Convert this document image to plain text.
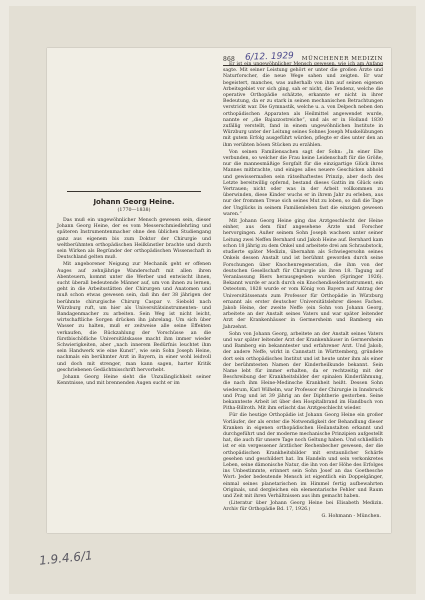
868 6/12. 1929 MÜNCHENER MEDIZIN
Johann Georg Heine.
(1770—1838)

Das muß ein ungewöhnlicher Mensch gewesen sein, dieser Johann Georg Heine, der es vom Messerschmiedlehrling und späteren Instrumentenmacher ohne den üblichen Studiengang ganz aus eigenem bis zum Doktor der Chirurgie und weltberühmten orthopädischen Heilkünstler brachte und durch sein Wirken als Begründer der orthopädischen Wissenschaft in Deutschland gelten muß.

Mit angeborener Neigung zur Mechanik geht er offenen Auges auf zehnjährige Wanderschaft mit allen ihren Abenteuern, kommt unter die Werber und entwischt ihnen, sucht überall bedeutende Männer auf, um von ihnen zu lernen, geht in die Arbeitsstätten der Chirurgen und Anatomen und muß schon etwas gewesen sein, daß ihn der 38 jährigen der berühmte chirurgische Chirurg Caspar v. Siebold nach Würzburg ruft, um hier als Universitätsinstrumenten- und Bandagenmacher zu arbeiten. Sein Weg ist nicht leicht, wirtschaftliche Sorgen drücken ihn jahrelang. Um sich über Wasser zu halten, muß er zeitweise alle seine Effekten verkaufen, die Rückzahlung der Vorschüsse an die fürstbischöfliche Universitätskasse macht ihm immer wieder Schwierigkeiten, aber „nach innerem Bedürfnis leuchtet ihm sein Handwerk wie eine Kunst“, wie sein Sohn Joseph Heine, nachmals ein berühmter Arzt in Bayern, in einer wohl leidvoll und doch mit strenger, man kann sagen, harter Kritik geschriebenen Gedächtnisschrift hervorhebt.

Johann Georg Heine sieht die Unzulänglichkeit seiner Kenntnisse, und mit brennenden Augen sucht er im

Er ist ein ungewöhnlicher Mensch gewesen, wie ich am Anfang sagte. Mit seiner Leistung gehört er unter die großen Ärzte und Naturforscher, die neue Wege sahen und zeigten. Er war begeistert, manches, was außerhalb von ihm auf seinen eigenen Arbeitsgebiet vor sich ging, sah er nicht, die Tendenz, welche die operative Orthopädie schätzte, erkannte er nicht in ihrer Bedeutung, da er zu stark in seinen mechanischen Betrachtungen verstrickt war. Die Gymnastik, welche u. a. von Delpech neben den orthopädischen Apparaten als Heilmittel angewendet wurde, nannte er „die Bajazzostreiche“, und als er in Holland 1830 zufällig verstellt, fand in einem ungewöhnlichen Institute in Würzburg unter der Leitung seines Sohnes Joseph Muskelübungen mit gutem Erfolg ausgeführt würden, pflegte er dies unter den an ihm verübten bösen Stücken zu erzählen.

Von seinen Familiensachen sagt der Sohn: „In einer Ehe verbunden, so welcher die Frau keine Leidenschaft für die Größe, nur die mannesmäßige Sorgfalt für die einzigartige Glück ihres Mannes mitbrachte, und einiges alles neuere Geschicken abhold und gewissermaßen sein rätselhaftestes Prinzip, aber doch des Letzte bereitwillig opfernd, bestand dieses Gattin im Glück sein Vertrauen; nicht oder was in der Arbeit vollkommen zu überwinden, diese Kinder wuchs er in ihrem Jahr zu erleben, aus nur der frommen Treue sich seines Mut zu loben, so daß die Tage der Unglücks in seinem Familienleben fast die einzigen gewesen waren.“

Mit Johann Georg Heine ging das Arztgeschlecht der Heine einher, aus dem fünf angesehene Ärzte und Forscher hervorgingen. Außer seinem Sohn Joseph wachsen unter seiner Leitung zwei Neffen Bernhard und Jakob Heine auf. Bernhard kam schon 18 jährig zu dem Onkel und arbeitete drei am Schraubstock, studierte später Medizin, übernahm als Schwiegersohn seines Onkels dessen Anstalt und ist berühmt geworden durch seine Forschungen über Knochenregeneration, die ihm von der deutschen Gesellschaft für Chirurgie als ihren 18. Tagung auf Veranlassung Biers herausgegeben wurden (Springer 1926). Bekannt wurde er auch durch ein Knochendiselderinstrument, ein Osteotom, 1828 wurde er vom König von Bayern auf Antrag der Universitätssenats zum Professor für Orthopädie in Würzburg ernannt als erster deutscher Universitätslehrer dieses Faches. Jakob Heine, der zweite Neffe (ein Sohn von Johann Georg, arbeitete an der Anstalt seines Vaters und war später leitender Arzt der Krankenhäuser in Germersheim und Bamberg ein Jahrzehnt.

Sohn von Johann Georg, arbeitete an der Anstalt seines Vaters und war später leitender Arzt der Krankenhäuser in Germersheim und Bamberg ein bekanntester und erfahrener Arzt. Und Jakob, der andere Neffe, wirkt in Cannstatt in Württemberg, gründete dort sein orthopädisches Institut und ist heute unter ihm als einer der berühmtesten Namen der Kinderheilkunde bekannt. Sein Name lebt für immer erhalten, da er rechtzeitig mit der Beschreibung der Krankheitsbilder der spinalen Kinderlähmung, die nach ihm Heine-Medinsche Krankheit heißt. Dessen Sohn wiederum, Karl Wilhelm, war Professor der Chirurgie in Innsbruck und Prag und ist 39 jährig an der Diphtherie gestorben. Seine bekannteste Arbeit ist über den Hospitalbrand im Handbuch von Pitha-Billroth. Mit ihm erlischt das Arztgeschlecht wieder.

Für die heutige Orthopädie ist Johann Georg Heine ein großer Vorläufer, der als erster die Notwendigkeit der Behandlung dieser Kranken in eigenen orthopädischen Heilanstalten erkannt und durchgeführt und der moderne mechanische Prinzipien aufgestellt hat, die auch für unsere Tage noch Geltung haben. Und schließlich ist er ein vergessener ärztlicher Rechenbecher gewesen, der die orthopädischen Krankheitsbilder mit erstaunlicher Schärfe gesehen und geschildert hat. Im Handeln und sein verkonkretes Leben, seine dämonische Natur, die ihn von der Höhe des Erfolges ins Unbestimmte, erinnert sein Sohn Josef an das Goethesche Wort: Jeder bedeutende Mensch ist eigentlich ein Doppelgänger, einmal seines planetarischen im Himmel fertig aufbewahrten Originals, und dergleichen ein elementarische Fehler und Raum und Zeit mit ihren Verhältnissen aus ihm gemacht haben.

(Literatur über Johann Georg Heine bei Elisabeth Medizin. Archiv für Orthopädie Bd. 17, 1926.)

G. Hohmann - München.
1.9.4.6/1
